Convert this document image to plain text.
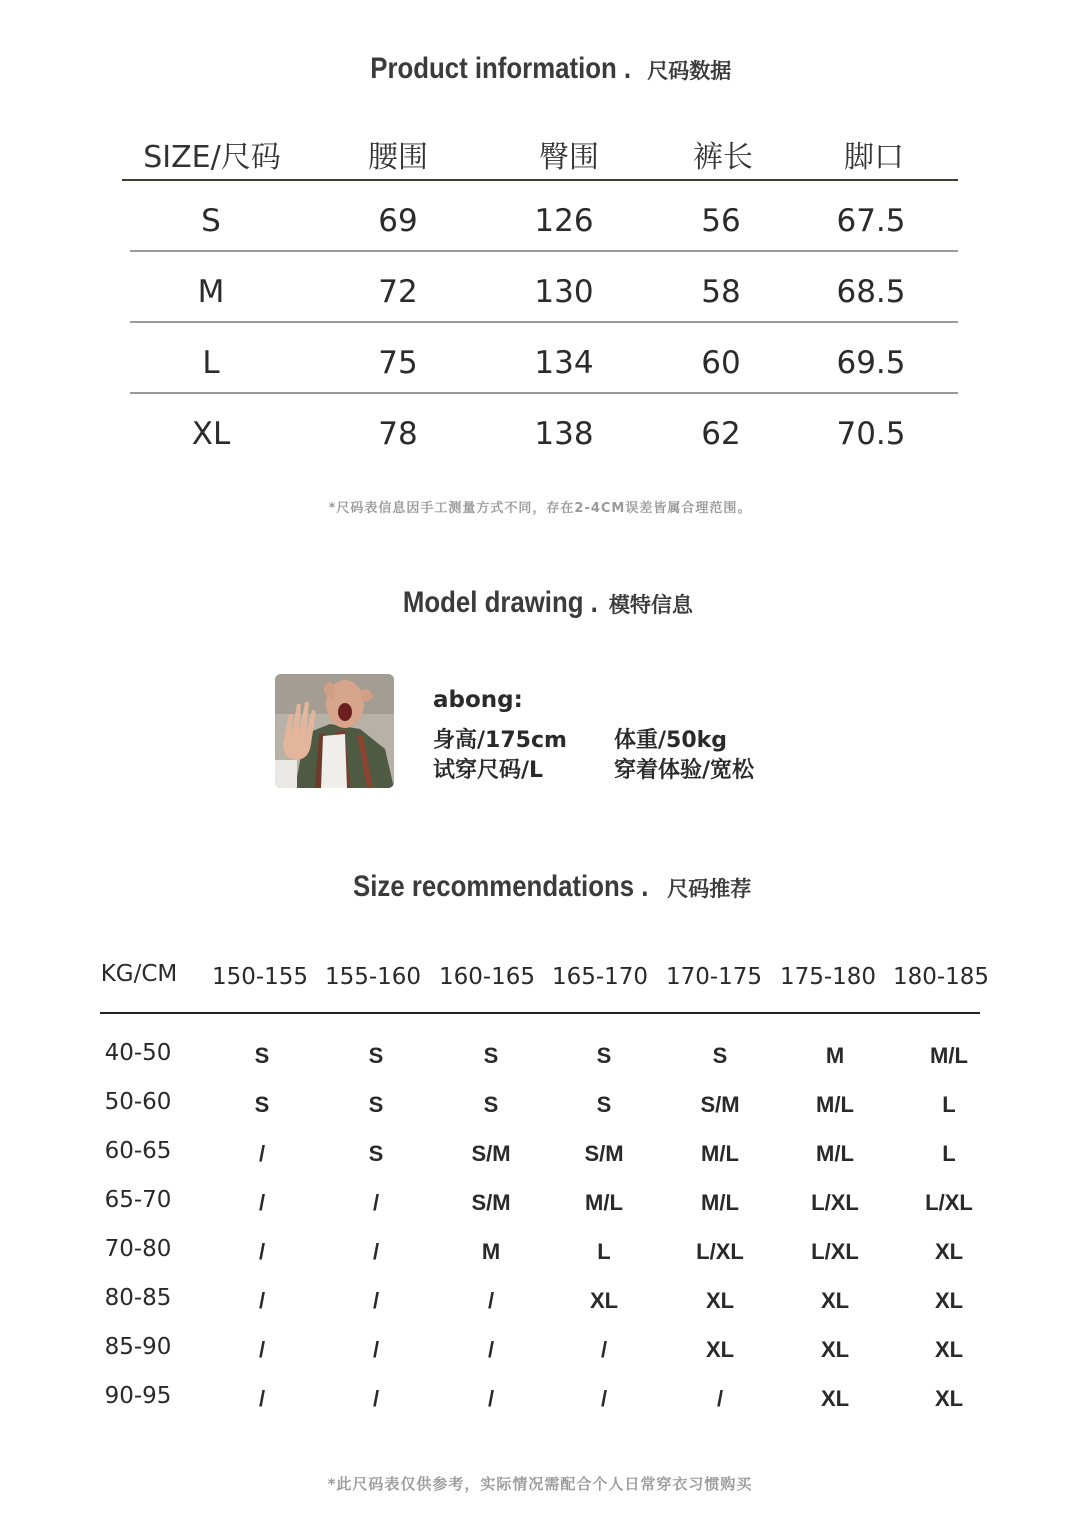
Product information . 尺码数据
SIZE/尺码	腰围	臀围	裤长	脚口
S	69	126	56	67.5
M	72	130	58	68.5
L	75	134	60	69.5
XL	78	138	62	70.5
*尺码表信息因手工测量方式不同，存在2-4CM误差皆属合理范围。
Model drawing . 模特信息
abong:
身高/175cm 体重/50kg
试穿尺码/L	穿着体验/宽松
Size recommendations . 尺码推荐
KG/CM 150-155 155-160 160-165 165-170 170-175 175-180 180-185
40-50	S	S	S	S	S	M	M/L
50-60	S	S	S	S	S/M	M/L	L
60-65	/	S	S/M	S/M	M/L	M/L	L
65-70	/	/	S/M	M/L	M/L	L/XL	L/XL
70-80	/	/	M	L	L/XL	L/XL	XL
80-85	/	/	/	XL	XL	XL	XL
85-90	/	/	/	/	XL	XL	XL
90-95	/	/	/	/	/	XL	XL
*此尺码表仅供参考，实际情况需配合个人日常穿衣习惯购买
